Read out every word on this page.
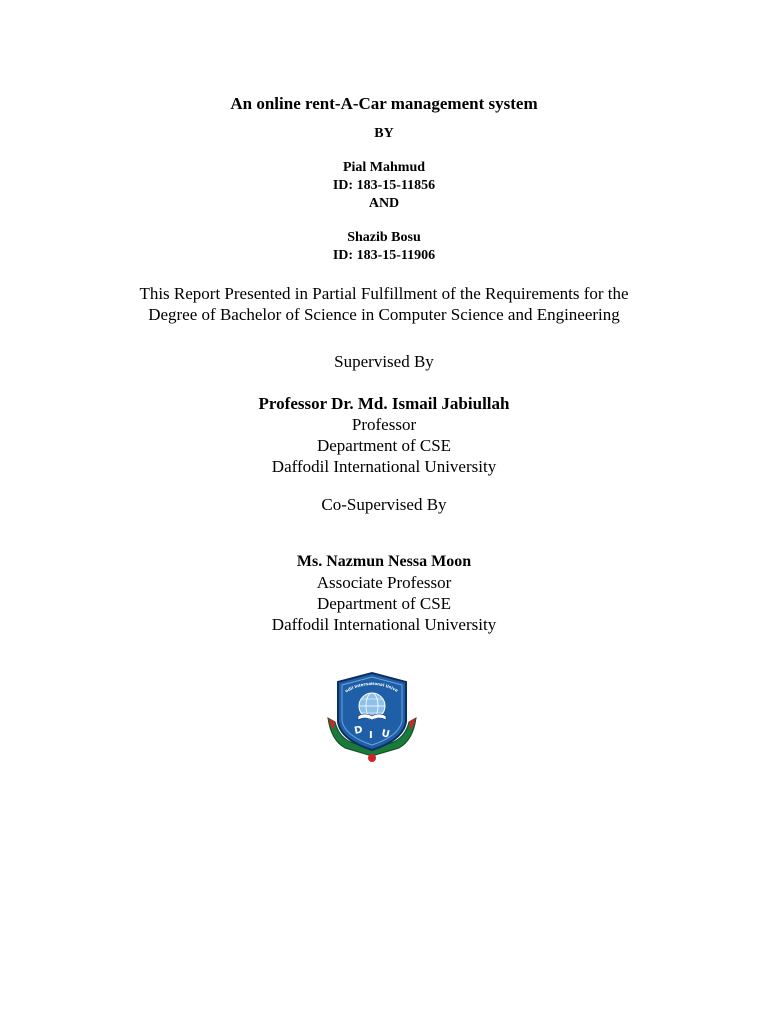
An online rent-A-Car management system
BY
Pial Mahmud
ID: 183-15-11856
AND
Shazib Bosu
ID: 183-15-11906
This Report Presented in Partial Fulfillment of the Requirements for the
Degree of Bachelor of Science in Computer Science and Engineering
Supervised By
Professor Dr. Md. Ismail Jabiullah
Professor
Department of CSE
Daffodil International University
Co-Supervised By
Ms. Nazmun Nessa Moon
Associate Professor
Department of CSE
Daffodil International University
odil International Unive
D I U
